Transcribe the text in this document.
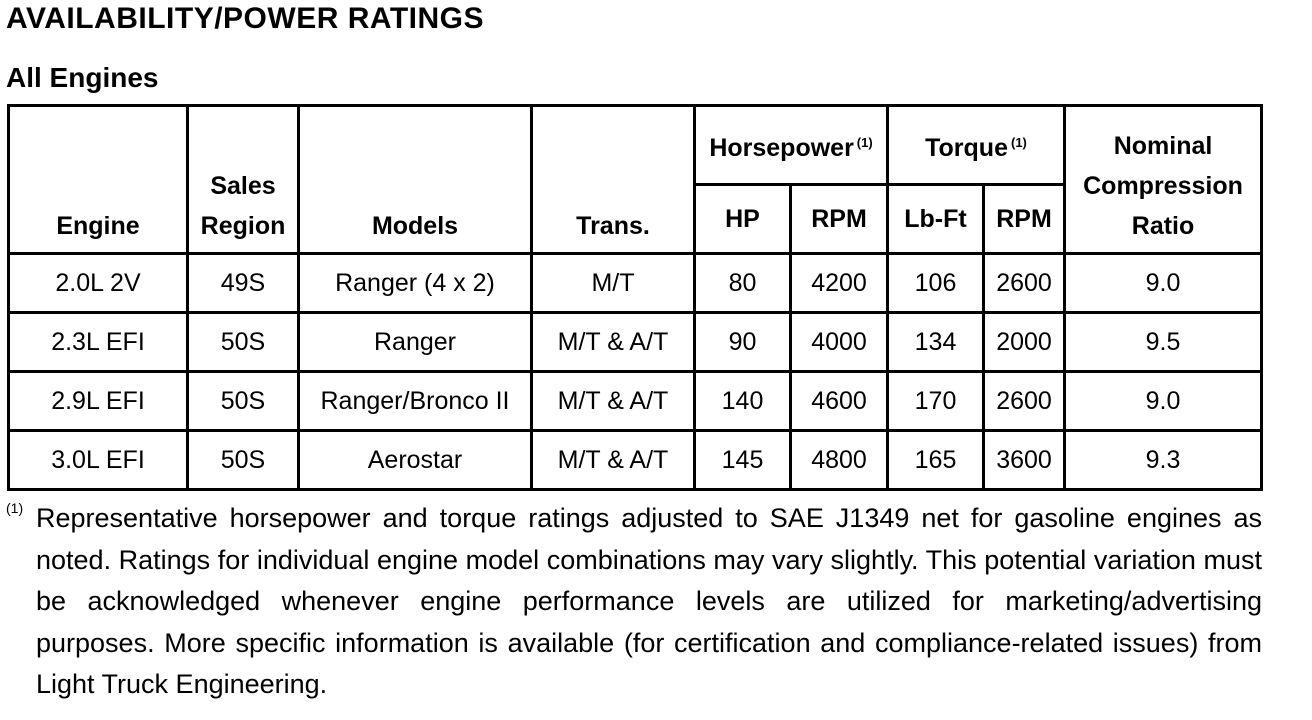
AVAILABILITY/POWER RATINGS
All Engines
Engine	Sales Region	Models	Trans.	Horsepower $^{(1)}$		Torque $^{(1)}$		Nominal Compression Ratio
				HP	RPM	Lb-Ft	RPM	
2.0L 2V	49S	Ranger (4 x 2)	M/T	80	4200	106	2600	9.0
2.3L EFI	50S	Ranger	M/T & A/T	90	4000	134	2000	9.5
2.9L EFI	50S	Ranger/Bronco II	M/T & A/T	140	4600	170	2600	9.0
3.0L EFI	50S	Aerostar	M/T & A/T	145	4800	165	3600	9.3
(1) Representative horsepower and torque ratings adjusted to SAE J1349 net for gasoline engines as noted. Ratings for individual engine model combinations may vary slightly. This potential variation must be acknowledged whenever engine performance levels are utilized for marketing/advertising purposes. More specific information is available (for certification and compliance-related issues) from Light Truck Engineering.
